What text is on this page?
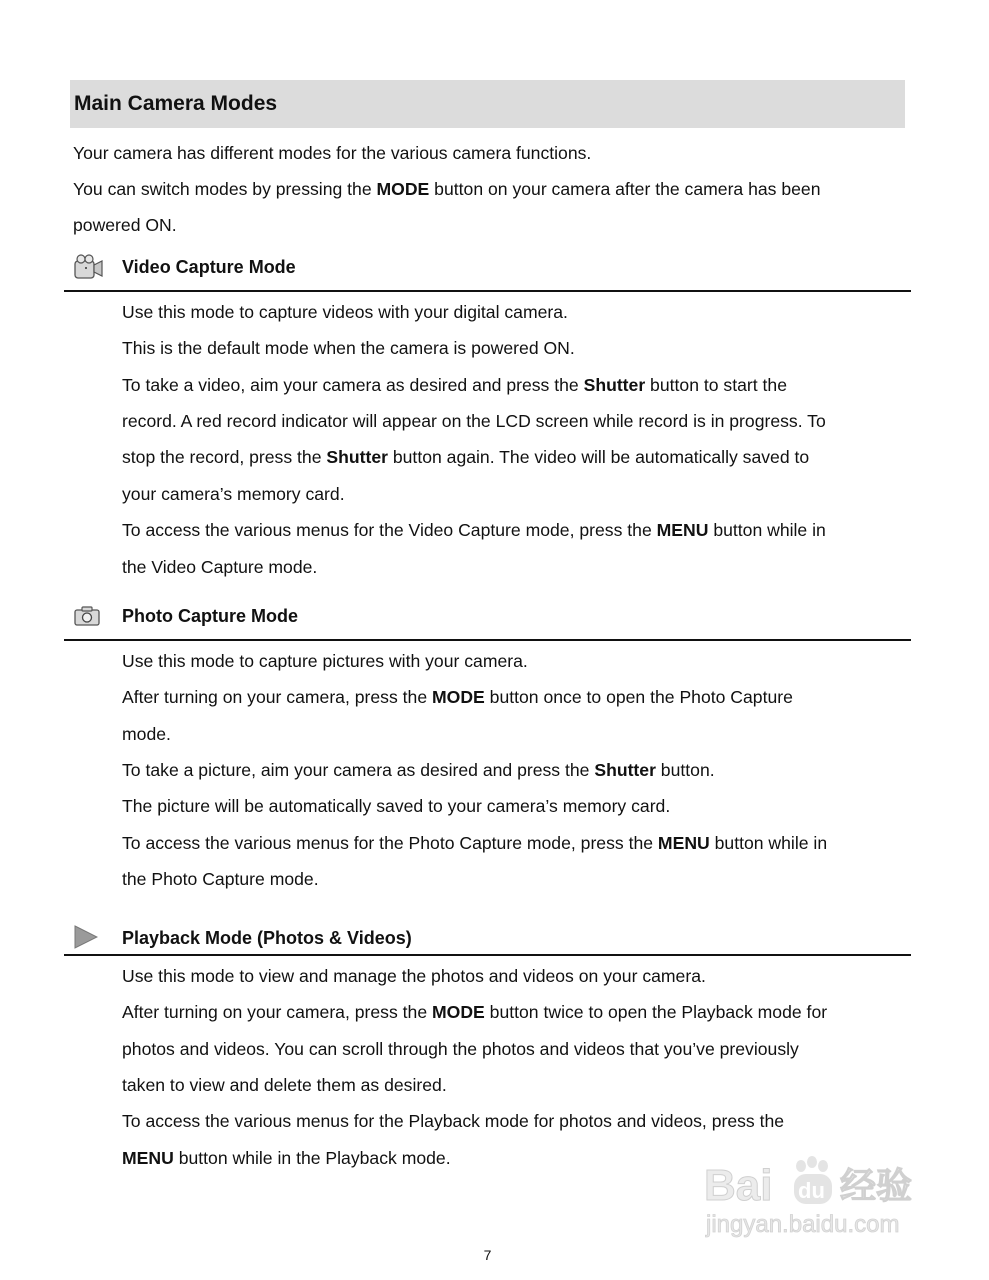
Main Camera Modes
Your camera has different modes for the various camera functions.
You can switch modes by pressing the MODE button on your camera after the camera has been
powered ON.
Video Capture Mode
Use this mode to capture videos with your digital camera.
This is the default mode when the camera is powered ON.
To take a video, aim your camera as desired and press the Shutter button to start the
record. A red record indicator will appear on the LCD screen while record is in progress. To
stop the record, press the Shutter button again. The video will be automatically saved to
your camera’s memory card.
To access the various menus for the Video Capture mode, press the MENU button while in
the Video Capture mode.
Photo Capture Mode
Use this mode to capture pictures with your camera.
After turning on your camera, press the MODE button once to open the Photo Capture
mode.
To take a picture, aim your camera as desired and press the Shutter button.
The picture will be automatically saved to your camera’s memory card.
To access the various menus for the Photo Capture mode, press the MENU button while in
the Photo Capture mode.
Playback Mode (Photos & Videos)
Use this mode to view and manage the photos and videos on your camera.
After turning on your camera, press the MODE button twice to open the Playback mode for
photos and videos. You can scroll through the photos and videos that you’ve previously
taken to view and delete them as desired.
To access the various menus for the Playback mode for photos and videos, press the
MENU button while in the Playback mode.
Bai du 经验
jingyan.baidu.com
7
